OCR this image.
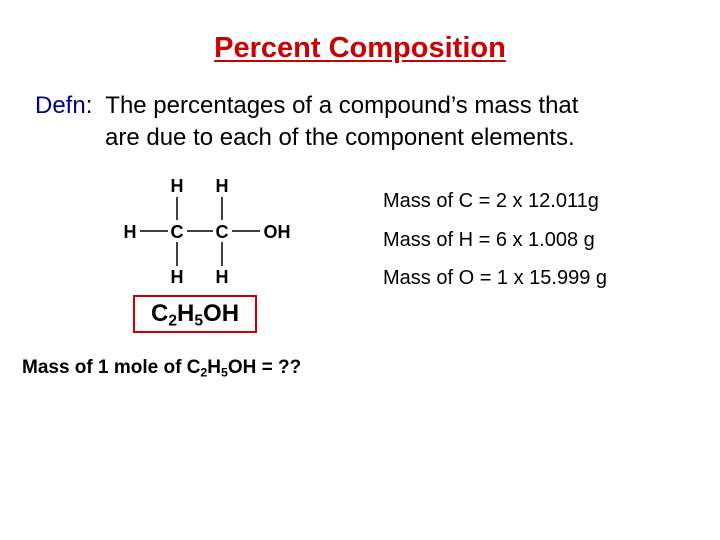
Percent Composition
Defn:  The percentages of a compound’s mass that
are due to each of the component elements.
H H
H C C OH
H H
Mass of C = 2 x 12.011g
Mass of H = 6 x 1.008 g
Mass of O = 1 x 15.999 g
$C_2H_5OH$
Mass of 1 mole of $C_2H_5OH$ = ??
